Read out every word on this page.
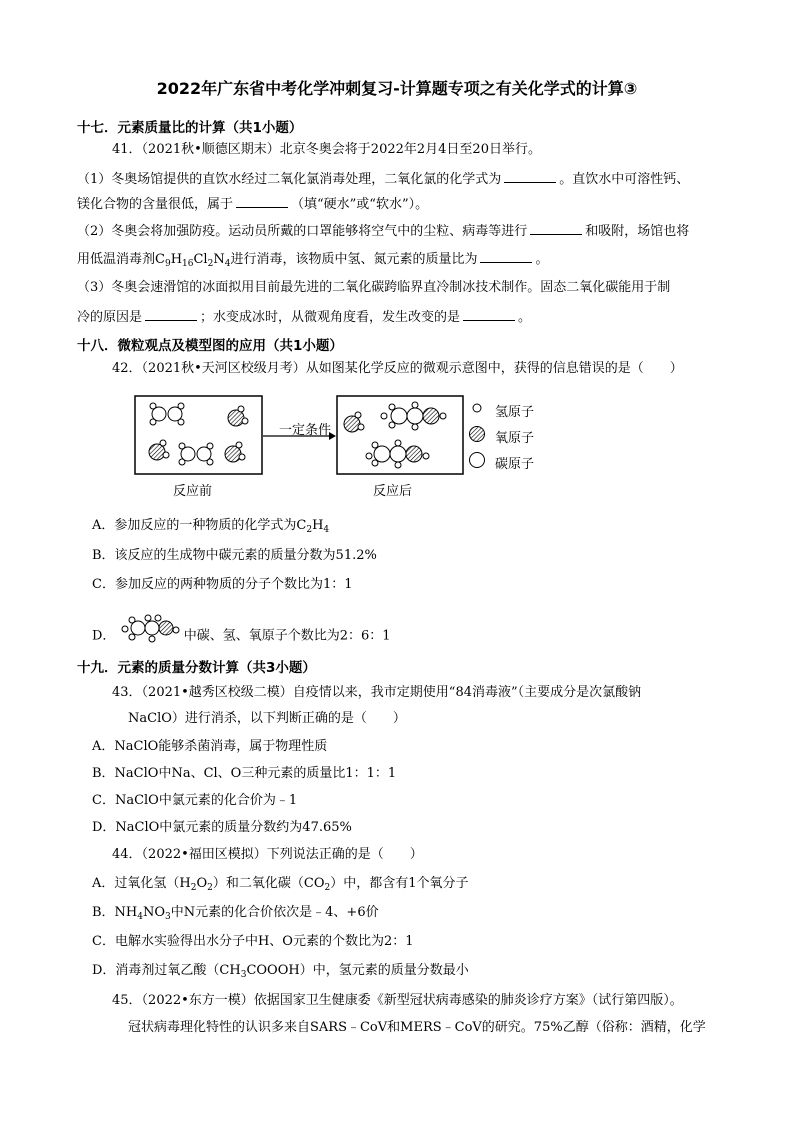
2022年广东省中考化学冲刺复习-计算题专项之有关化学式的计算③
十七．元素质量比的计算（共1小题）
41．（2021秋•顺德区期末）北京冬奥会将于2022年2月4日至20日举行。
（1）冬奥场馆提供的直饮水经过二氧化氯消毒处理，二氧化氯的化学式为	。直饮水中可溶性钙、
镁化合物的含量很低，属于	（填“硬水”或“软水”）。
（2）冬奥会将加强防疫。运动员所戴的口罩能够将空气中的尘粒、病毒等进行	和吸附，场馆也将
用低温消毒剂$C_9H_{16}Cl_2N_4$进行消毒，该物质中氢、氮元素的质量比为	。
（3）冬奥会速滑馆的冰面拟用目前最先进的二氧化碳跨临界直冷制冰技术制作。固态二氧化碳能用于制
冷的原因是	；水变成冰时，从微观角度看，发生改变的是	。
十八．微粒观点及模型图的应用（共1小题）
42．（2021秋•天河区校级月考）从如图某化学反应的微观示意图中，获得的信息错误的是（　　）
一定条件
氢原子
氧原子
碳原子
反应前	反应后
A．参加反应的一种物质的化学式为$C_2H_4$
B．该反应的生成物中碳元素的质量分数为51.2%
C．参加反应的两种物质的分子个数比为1：1
D．	中碳、氢、氧原子个数比为2：6：1
十九．元素的质量分数计算（共3小题）
43．（2021•越秀区校级二模）自疫情以来，我市定期使用“84消毒液”（主要成分是次氯酸钠
NaClO）进行消杀，以下判断正确的是（　　）
A．NaClO能够杀菌消毒，属于物理性质
B．NaClO中Na、Cl、O三种元素的质量比1：1：1
C．NaClO中氯元素的化合价为﹣1
D．NaClO中氯元素的质量分数约为47.65%
44．（2022•福田区模拟）下列说法正确的是（　　）
A．过氧化氢$(H_2O_2)$和二氧化碳$(CO_2)$中，都含有1个氧分子
B．$NH_4NO_3$中N元素的化合价依次是﹣4、+6价
C．电解水实验得出水分子中H、O元素的个数比为2：1
D．消毒剂过氧乙酸$(CH_3COOOH)$中，氢元素的质量分数最小
45．（2022•东方一模）依据国家卫生健康委《新型冠状病毒感染的肺炎诊疗方案》（试行第四版）。
冠状病毒理化特性的认识多来自SARS﹣CoV和MERS﹣CoV的研究。75%乙醇（俗称：酒精，化学
